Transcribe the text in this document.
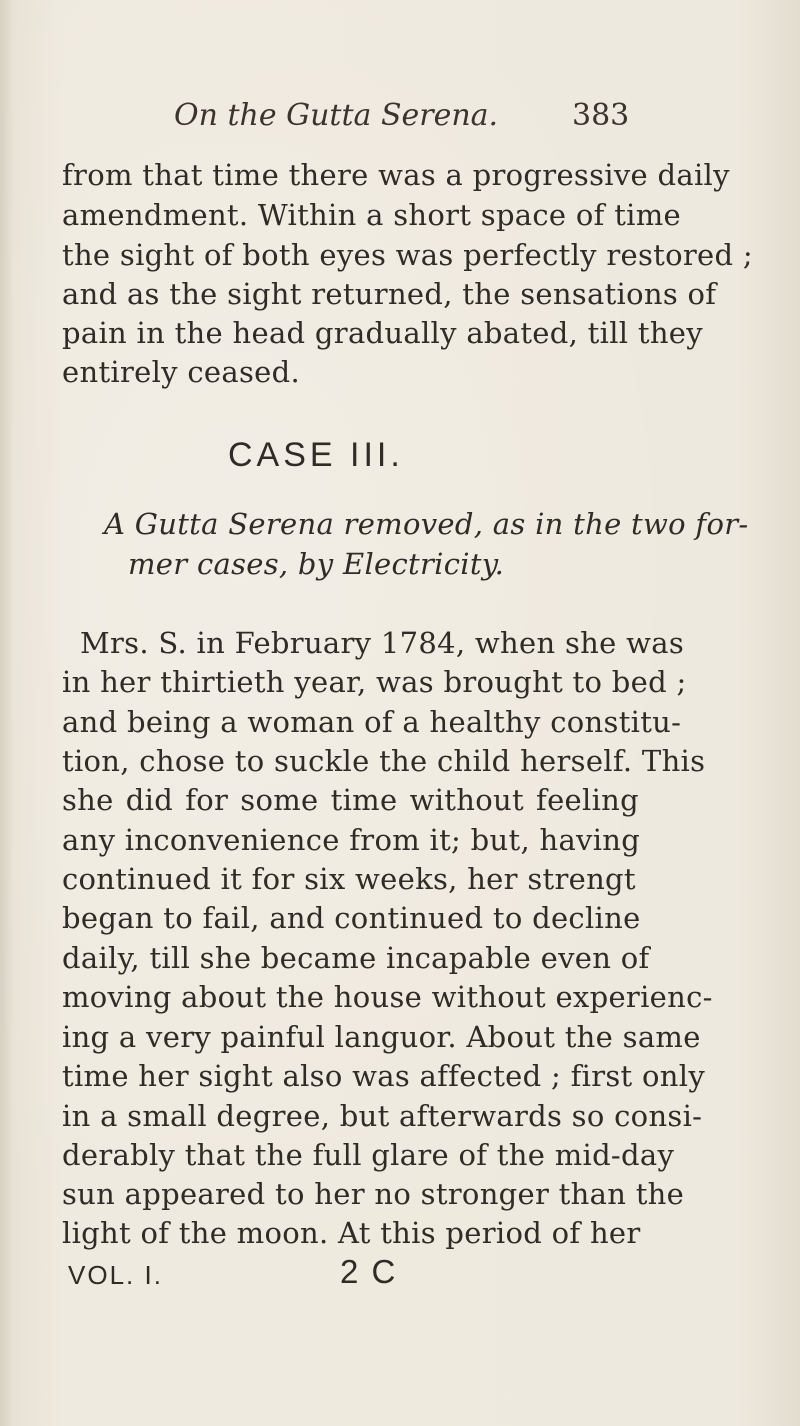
On the Gutta Serena.	383
from that time there was a progressive daily
amendment. Within a short space of time
the sight of both eyes was perfectly restored ;
and as the sight returned, the sensations of
pain in the head gradually abated, till they
entirely ceased.
CASE III.
A Gutta Serena removed, as in the two for-
mer cases, by Electricity.
Mrs. S. in February 1784, when she was
in her thirtieth year, was brought to bed ;
and being a woman of a healthy constitu-
tion, chose to suckle the child herself. This
she did for some time without feeling
any inconvenience from it; but, having
continued it for six weeks, her strengt
began to fail, and continued to decline
daily, till she became incapable even of
moving about the house without experienc-
ing a very painful languor. About the same
time her sight also was affected ; first only
in a small degree, but afterwards so consi-
derably that the full glare of the mid-day
sun appeared to her no stronger than the
light of the moon. At this period of her
VOL. I.	2 C
